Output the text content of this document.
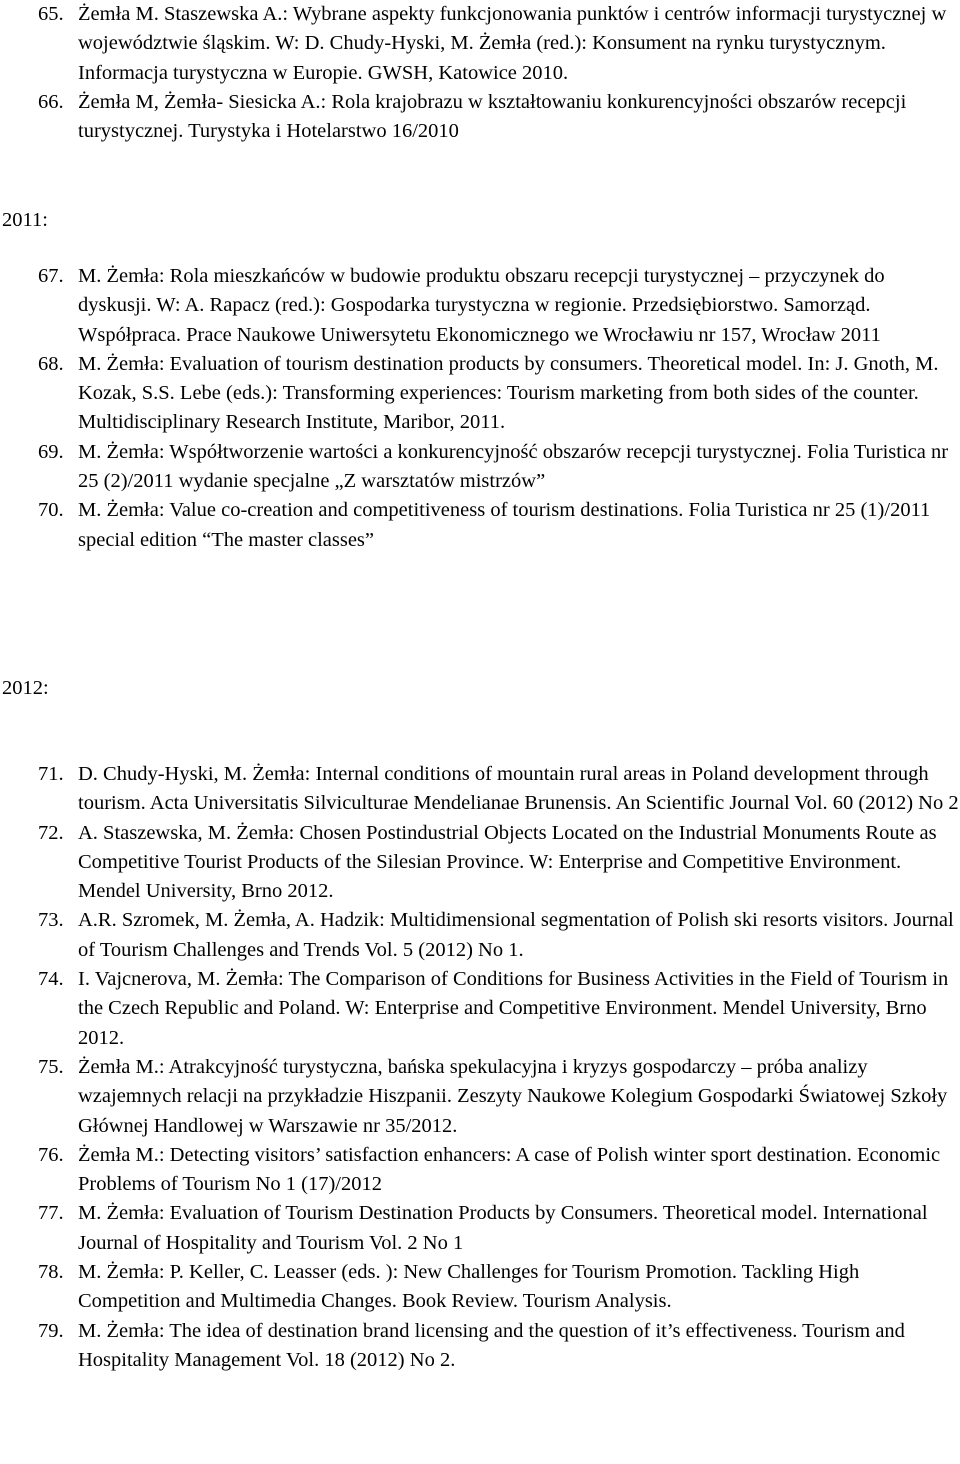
65. Żemła M. Staszewska A.: Wybrane aspekty funkcjonowania punktów i centrów informacji turystycznej w województwie śląskim. W: D. Chudy-Hyski, M. Żemła (red.): Konsument na rynku turystycznym. Informacja turystyczna w Europie. GWSH, Katowice 2010.
66. Żemła M, Żemła- Siesicka A.: Rola krajobrazu w kształtowaniu konkurencyjności obszarów recepcji turystycznej. Turystyka i Hotelarstwo 16/2010
2011:
67. M. Żemła: Rola mieszkańców w budowie produktu obszaru recepcji turystycznej – przyczynek do dyskusji. W: A. Rapacz (red.): Gospodarka turystyczna w regionie. Przedsiębiorstwo. Samorząd. Współpraca. Prace Naukowe Uniwersytetu Ekonomicznego we Wrocławiu nr 157, Wrocław 2011
68. M. Żemła: Evaluation of tourism destination products by consumers. Theoretical model. In: J. Gnoth, M. Kozak, S.S. Lebe (eds.): Transforming experiences: Tourism marketing from both sides of the counter. Multidisciplinary Research Institute, Maribor, 2011.
69. M. Żemła: Współtworzenie wartości a konkurencyjność obszarów recepcji turystycznej. Folia Turistica nr 25 (2)/2011 wydanie specjalne „Z warsztatów mistrzów”
70. M. Żemła: Value co-creation and competitiveness of tourism destinations. Folia Turistica nr 25 (1)/2011 special edition “The master classes”
2012:
71. D. Chudy-Hyski, M. Żemła: Internal conditions of mountain rural areas in Poland development through tourism. Acta Universitatis Silviculturae Mendelianae Brunensis. An Scientific Journal Vol. 60 (2012) No 2
72. A. Staszewska, M. Żemła: Chosen Postindustrial Objects Located on the Industrial Monuments Route as Competitive Tourist Products of the Silesian Province. W: Enterprise and Competitive Environment. Mendel University, Brno 2012.
73. A.R. Szromek, M. Żemła, A. Hadzik: Multidimensional segmentation of Polish ski resorts visitors. Journal of Tourism Challenges and Trends Vol. 5 (2012) No 1.
74. I. Vajcnerova, M. Żemła: The Comparison of Conditions for Business Activities in the Field of Tourism in the Czech Republic and Poland. W: Enterprise and Competitive Environment. Mendel University, Brno 2012.
75. Żemła M.: Atrakcyjność turystyczna, bańska spekulacyjna i kryzys gospodarczy – próba analizy wzajemnych relacji na przykładzie Hiszpanii. Zeszyty Naukowe Kolegium Gospodarki Światowej Szkoły Głównej Handlowej w Warszawie nr 35/2012.
76. Żemła M.: Detecting visitors’ satisfaction enhancers: A case of Polish winter sport destination. Economic Problems of Tourism No 1 (17)/2012
77. M. Żemła: Evaluation of Tourism Destination Products by Consumers. Theoretical model. International Journal of Hospitality and Tourism Vol. 2 No 1
78. M. Żemła: P. Keller, C. Leasser (eds. ): New Challenges for Tourism Promotion. Tackling High Competition and Multimedia Changes. Book Review. Tourism Analysis.
79. M. Żemła: The idea of destination brand licensing and the question of it’s effectiveness. Tourism and Hospitality Management Vol. 18 (2012) No 2.
